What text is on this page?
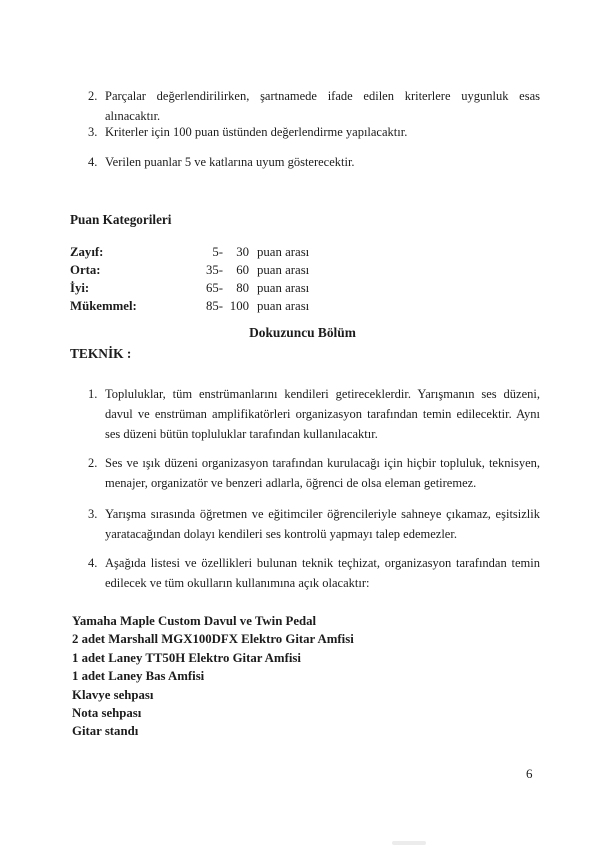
2. Parçalar değerlendirilirken, şartnamede ifade edilen kriterlere uygunluk esas alınacaktır.
3. Kriterler için 100 puan üstünden değerlendirme yapılacaktır.
4. Verilen puanlar 5 ve katlarına uyum gösterecektir.
Puan Kategorileri
Zayıf:	5-	30 puan arası
Orta:	35-	60 puan arası
İyi:	65-	80 puan arası
Mükemmel:	85- 100 puan arası
Dokuzuncu Bölüm
TEKNİK :
1. Topluluklar, tüm enstrümanlarını kendileri getireceklerdir. Yarışmanın ses düzeni, davul ve enstrüman amplifikatörleri organizasyon tarafından temin edilecektir. Aynı ses düzeni bütün topluluklar tarafından kullanılacaktır.
2. Ses ve ışık düzeni organizasyon tarafından kurulacağı için hiçbir topluluk, teknisyen, menajer, organizatör ve benzeri adlarla, öğrenci de olsa eleman getiremez.
3. Yarışma sırasında öğretmen ve eğitimciler öğrencileriyle sahneye çıkamaz, eşitsizlik yaratacağından dolayı kendileri ses kontrolü yapmayı talep edemezler.
4. Aşağıda listesi ve özellikleri bulunan teknik teçhizat, organizasyon tarafından temin edilecek ve tüm okulların kullanımına açık olacaktır:
Yamaha Maple Custom Davul ve Twin Pedal
2 adet Marshall MGX100DFX Elektro Gitar Amfisi
1 adet Laney TT50H Elektro Gitar Amfisi
1 adet Laney Bas Amfisi
Klavye sehpası
Nota sehpası
Gitar standı
6
